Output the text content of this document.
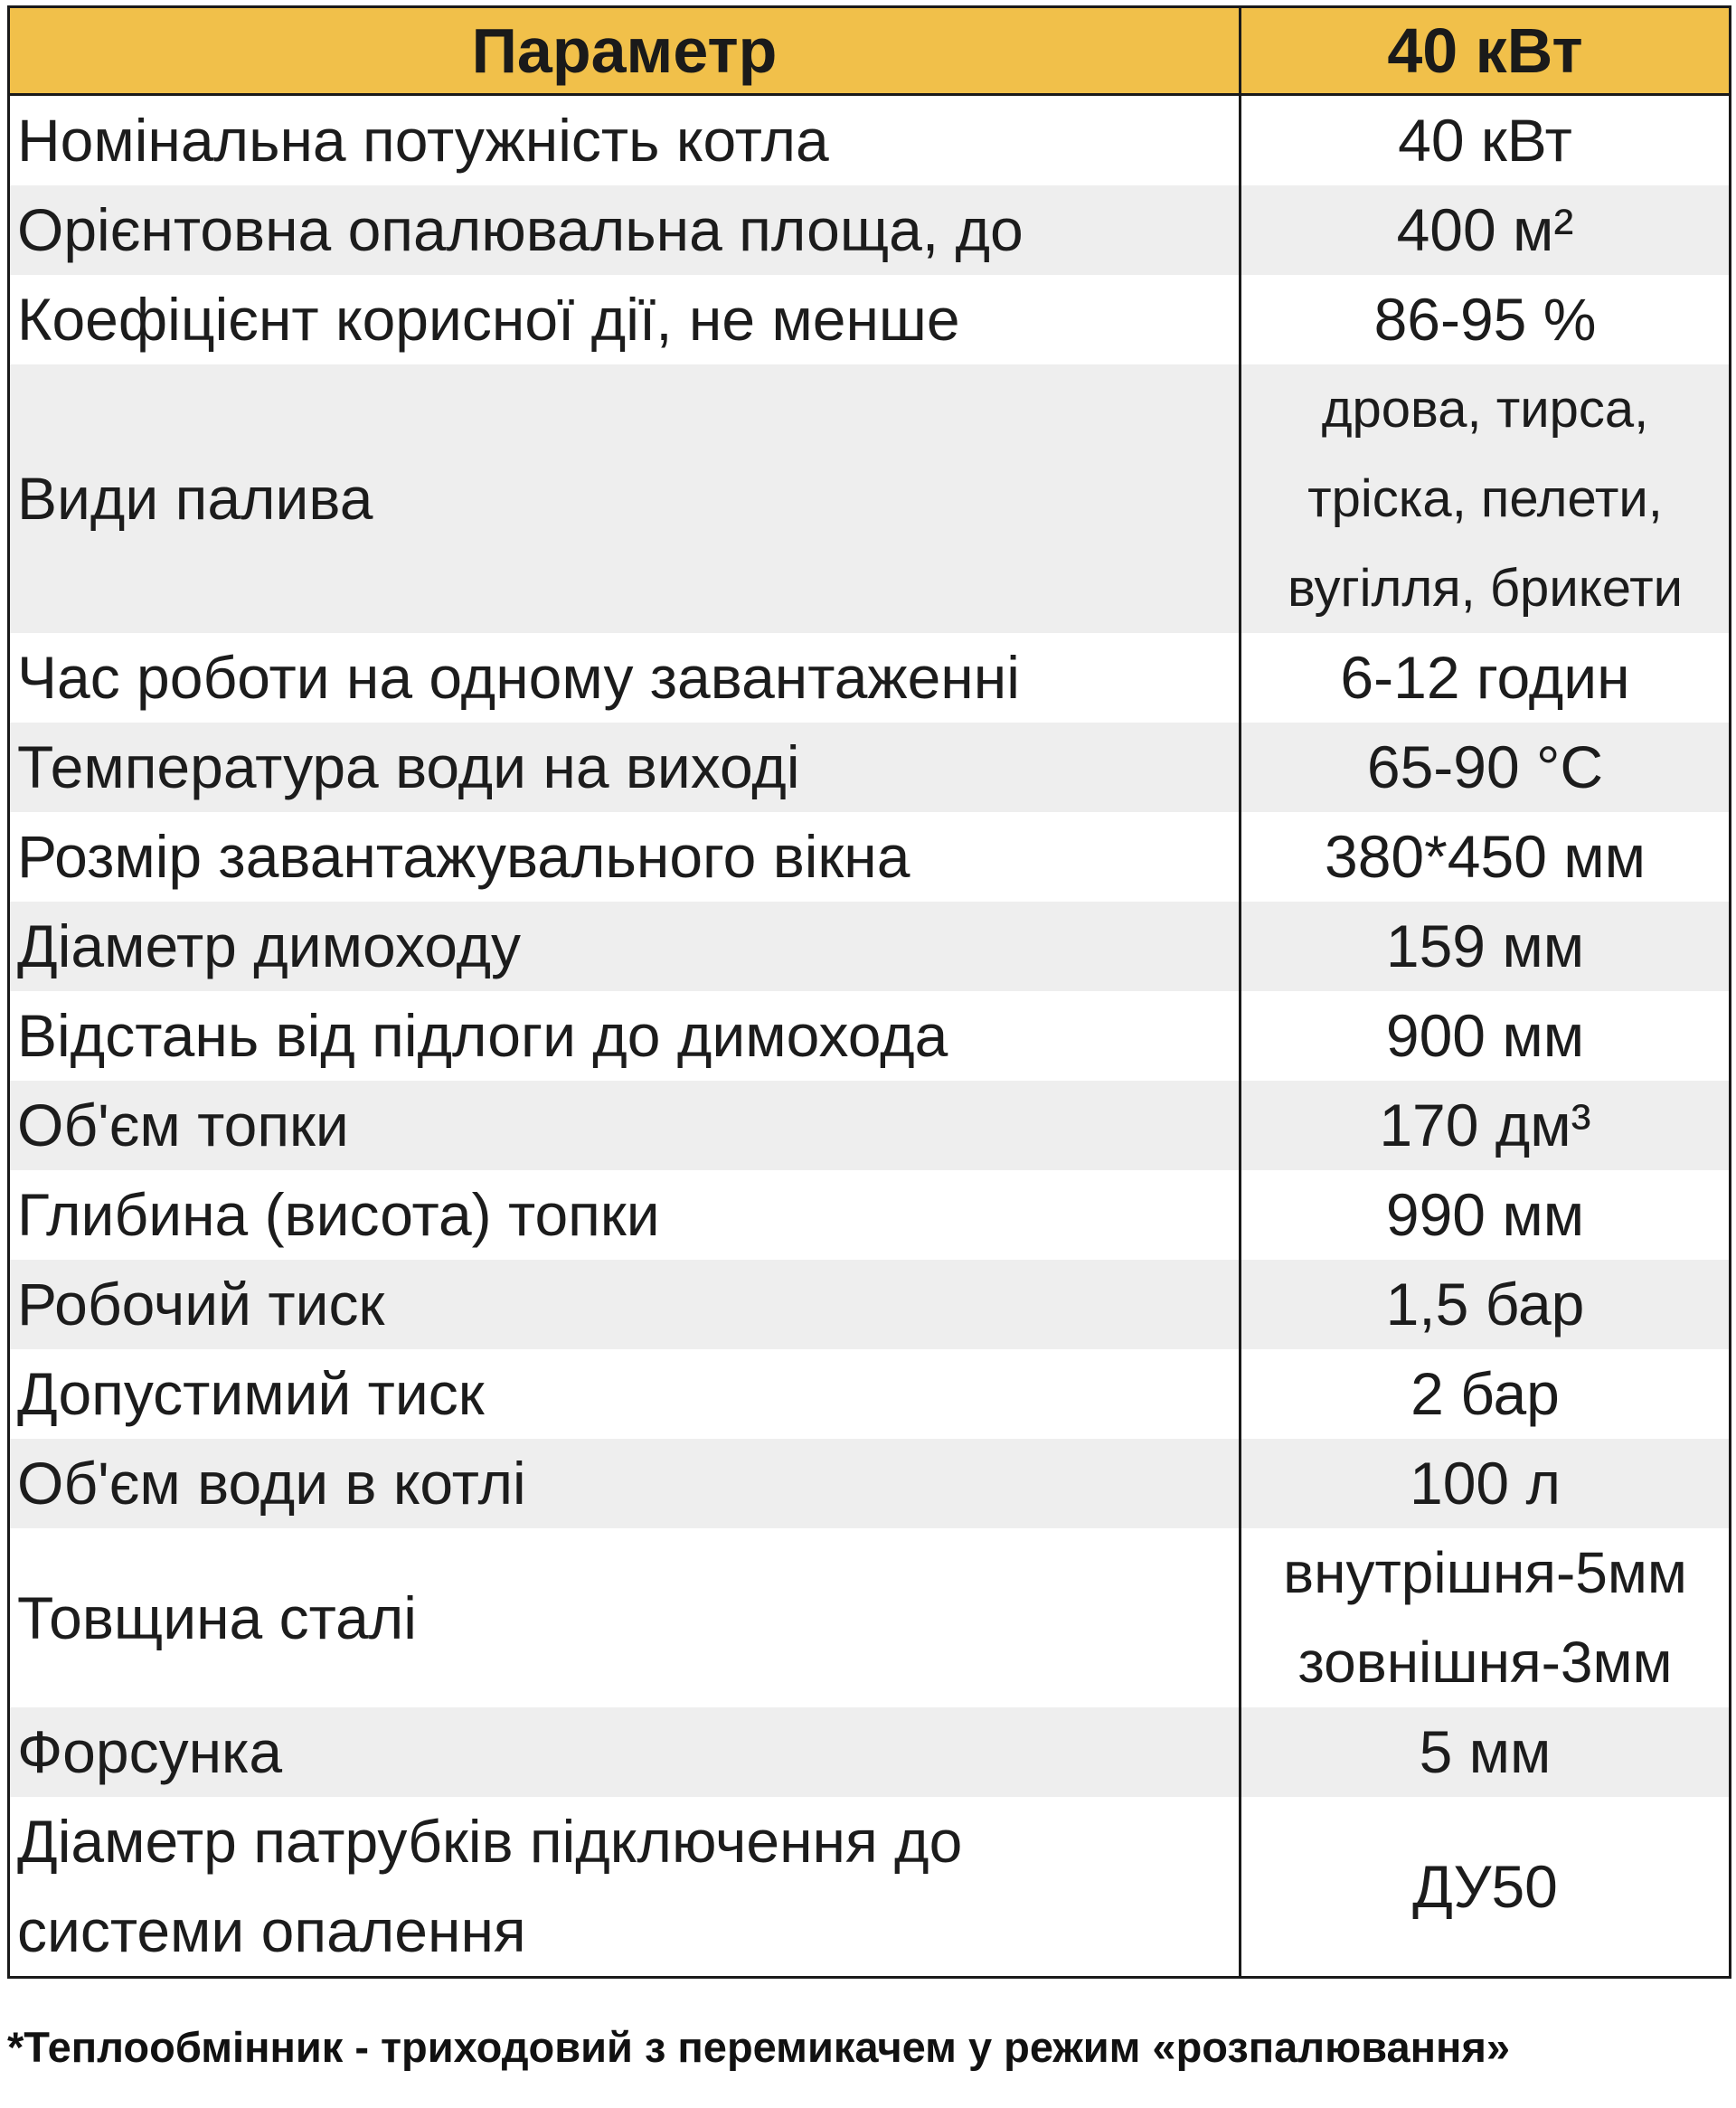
Параметр	40 кВт

Номінальна потужність котла	40 кВт

Орієнтовна опалювальна площа, до	400 м²

Коефіцієнт корисної дії, не менше	86-95 %

Види палива	дрова, тирса,
тріска, пелети,
вугілля, брикети

Час роботи на одному завантаженні	6-12 годин

Температура води на виході	65-90 °С

Розмір завантажувального вікна	380*450 мм

Діаметр димоходу	159 мм

Відстань від підлоги до димохода	900 мм

Об'єм топки	170 дм³

Глибина (висота) топки	990 мм

Робочий тиск	1,5 бар

Допустимий тиск	2 бар

Об'єм води в котлі	100 л

Товщина сталі	внутрішня-5мм
зовнішня-3мм

Форсунка	5 мм

Діаметр патрубків підключення до
системи опалення	ДУ50
*Теплообмінник - триходовий з перемикачем у режим «розпалювання»
